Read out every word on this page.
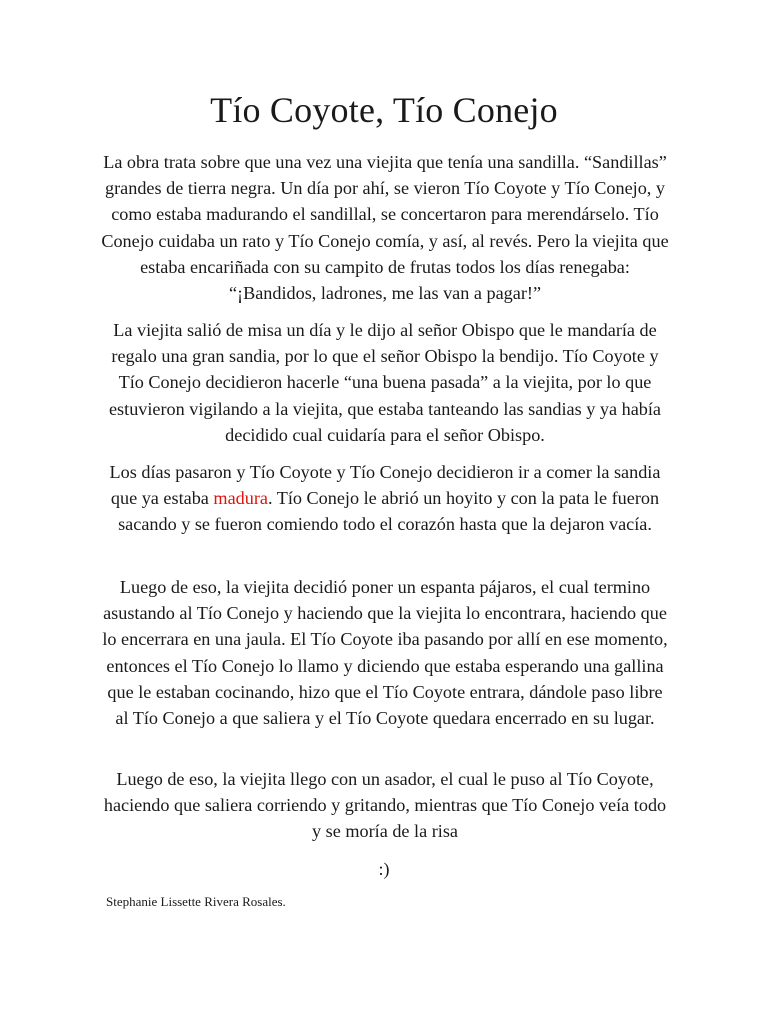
Tío Coyote, Tío Conejo

La obra trata sobre que una vez una viejita que tenía una sandilla. “Sandillas” grandes de tierra negra. Un día por ahí, se vieron Tío Coyote y Tío Conejo, y como estaba madurando el sandillal, se concertaron para merendárselo. Tío Conejo cuidaba un rato y Tío Conejo comía, y así, al revés. Pero la viejita que estaba encariñada con su campito de frutas todos los días renegaba: “¡Bandidos, ladrones, me las van a pagar!”

La viejita salió de misa un día y le dijo al señor Obispo que le mandaría de regalo una gran sandia, por lo que el señor Obispo la bendijo. Tío Coyote y Tío Conejo decidieron hacerle “una buena pasada” a la viejita, por lo que estuvieron vigilando a la viejita, que estaba tanteando las sandias y ya había decidido cual cuidaría para el señor Obispo.

Los días pasaron y Tío Coyote y Tío Conejo decidieron ir a comer la sandia que ya estaba madura. Tío Conejo le abrió un hoyito y con la pata le fueron sacando y se fueron comiendo todo el corazón hasta que la dejaron vacía.

Luego de eso, la viejita decidió poner un espanta pájaros, el cual termino asustando al Tío Conejo y haciendo que la viejita lo encontrara, haciendo que lo encerrara en una jaula. El Tío Coyote iba pasando por allí en ese momento, entonces el Tío Conejo lo llamo y diciendo que estaba esperando una gallina que le estaban cocinando, hizo que el Tío Coyote entrara, dándole paso libre al Tío Conejo a que saliera y el Tío Coyote quedara encerrado en su lugar.

Luego de eso, la viejita llego con un asador, el cual le puso al Tío Coyote, haciendo que saliera corriendo y gritando, mientras que Tío Conejo veía todo y se moría de la risa

:)

Stephanie Lissette Rivera Rosales.
